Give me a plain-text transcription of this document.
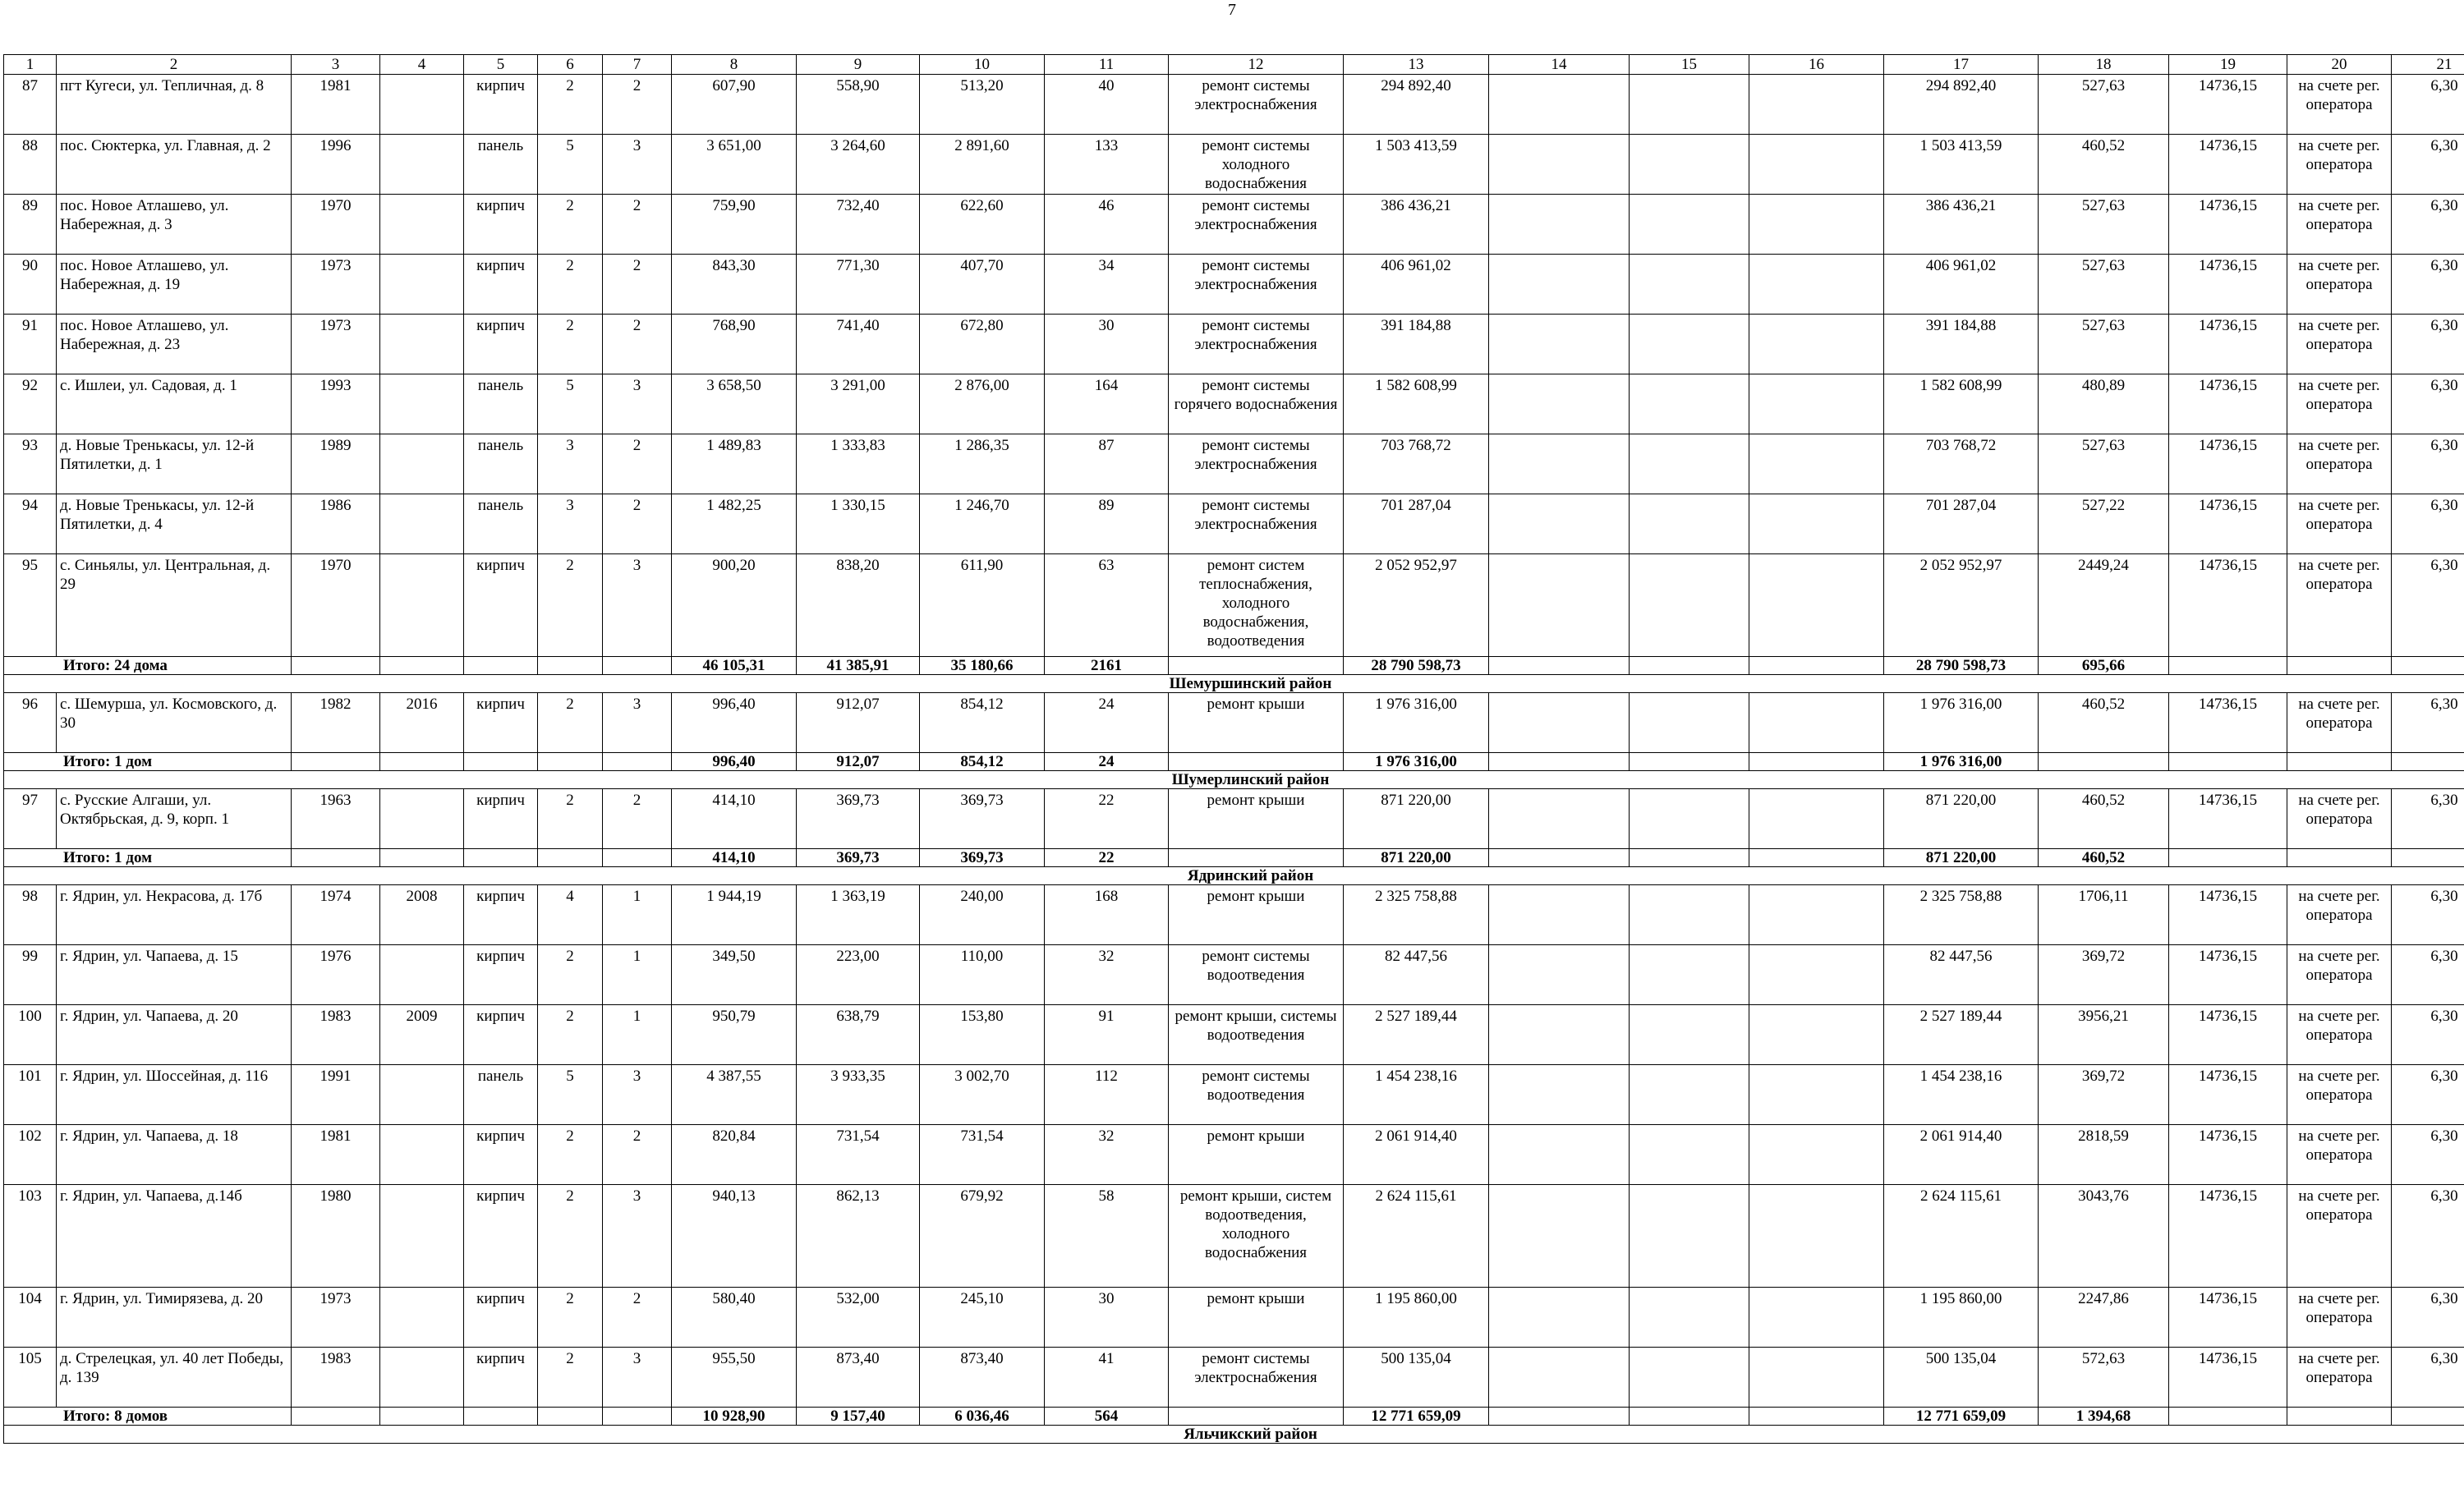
7
1	2	3	4	5	6	7	8	9	10	11	12	13	14	15	16	17	18	19	20	21
87	пгт Кугеси, ул. Тепличная, д. 8	1981		кирпич	2	2	607,90	558,90	513,20	40	ремонт системы электроснабжения	294 892,40				294 892,40	527,63	14736,15	на счете рег. оператора	6,30
88	пос. Сюктерка, ул. Главная, д. 2	1996		панель	5	3	3 651,00	3 264,60	2 891,60	133	ремонт системы холодного водоснабжения	1 503 413,59				1 503 413,59	460,52	14736,15	на счете рег. оператора	6,30
89	пос. Новое Атлашево, ул. Набережная, д. 3	1970		кирпич	2	2	759,90	732,40	622,60	46	ремонт системы электроснабжения	386 436,21				386 436,21	527,63	14736,15	на счете рег. оператора	6,30
90	пос. Новое Атлашево, ул. Набережная, д. 19	1973		кирпич	2	2	843,30	771,30	407,70	34	ремонт системы электроснабжения	406 961,02				406 961,02	527,63	14736,15	на счете рег. оператора	6,30
91	пос. Новое Атлашево, ул. Набережная, д. 23	1973		кирпич	2	2	768,90	741,40	672,80	30	ремонт системы электроснабжения	391 184,88				391 184,88	527,63	14736,15	на счете рег. оператора	6,30
92	с. Ишлеи, ул. Садовая, д. 1	1993		панель	5	3	3 658,50	3 291,00	2 876,00	164	ремонт системы горячего водоснабжения	1 582 608,99				1 582 608,99	480,89	14736,15	на счете рег. оператора	6,30
93	д. Новые Тренькасы, ул. 12-й Пятилетки, д. 1	1989		панель	3	2	1 489,83	1 333,83	1 286,35	87	ремонт системы электроснабжения	703 768,72				703 768,72	527,63	14736,15	на счете рег. оператора	6,30
94	д. Новые Тренькасы, ул. 12-й Пятилетки, д. 4	1986		панель	3	2	1 482,25	1 330,15	1 246,70	89	ремонт системы электроснабжения	701 287,04				701 287,04	527,22	14736,15	на счете рег. оператора	6,30
95	с. Синьялы, ул. Центральная, д. 29	1970		кирпич	2	3	900,20	838,20	611,90	63	ремонт систем теплоснабжения, холодного водоснабжения, водоотведения	2 052 952,97				2 052 952,97	2449,24	14736,15	на счете рег. оператора	6,30
Итого: 24 дома							46 105,31	41 385,91	35 180,66	2161		28 790 598,73				28 790 598,73	695,66			
Шемуршинский район																				
96	с. Шемурша, ул. Космовского, д. 30	1982	2016	кирпич	2	3	996,40	912,07	854,12	24	ремонт крыши	1 976 316,00				1 976 316,00	460,52	14736,15	на счете рег. оператора	6,30
Итого: 1 дом							996,40	912,07	854,12	24		1 976 316,00				1 976 316,00				
Шумерлинский район																				
97	с. Русские Алгаши, ул. Октябрьская, д. 9, корп. 1	1963		кирпич	2	2	414,10	369,73	369,73	22	ремонт крыши	871 220,00				871 220,00	460,52	14736,15	на счете рег. оператора	6,30
Итого: 1 дом							414,10	369,73	369,73	22		871 220,00				871 220,00	460,52			
Ядринский район																				
98	г. Ядрин, ул. Некрасова, д. 17б	1974	2008	кирпич	4	1	1 944,19	1 363,19	240,00	168	ремонт крыши	2 325 758,88				2 325 758,88	1706,11	14736,15	на счете рег. оператора	6,30
99	г. Ядрин, ул. Чапаева, д. 15	1976		кирпич	2	1	349,50	223,00	110,00	32	ремонт системы водоотведения	82 447,56				82 447,56	369,72	14736,15	на счете рег. оператора	6,30
100	г. Ядрин, ул. Чапаева, д. 20	1983	2009	кирпич	2	1	950,79	638,79	153,80	91	ремонт крыши, системы водоотведения	2 527 189,44				2 527 189,44	3956,21	14736,15	на счете рег. оператора	6,30
101	г. Ядрин, ул. Шоссейная, д. 116	1991		панель	5	3	4 387,55	3 933,35	3 002,70	112	ремонт системы водоотведения	1 454 238,16				1 454 238,16	369,72	14736,15	на счете рег. оператора	6,30
102	г. Ядрин, ул. Чапаева, д. 18	1981		кирпич	2	2	820,84	731,54	731,54	32	ремонт крыши	2 061 914,40				2 061 914,40	2818,59	14736,15	на счете рег. оператора	6,30
103	г. Ядрин, ул. Чапаева, д.14б	1980		кирпич	2	3	940,13	862,13	679,92	58	ремонт крыши, систем водоотведения, холодного водоснабжения	2 624 115,61				2 624 115,61	3043,76	14736,15	на счете рег. оператора	6,30
104	г. Ядрин, ул. Тимирязева, д. 20	1973		кирпич	2	2	580,40	532,00	245,10	30	ремонт крыши	1 195 860,00				1 195 860,00	2247,86	14736,15	на счете рег. оператора	6,30
105	д. Стрелецкая, ул. 40 лет Победы, д. 139	1983		кирпич	2	3	955,50	873,40	873,40	41	ремонт системы электроснабжения	500 135,04				500 135,04	572,63	14736,15	на счете рег. оператора	6,30
Итого: 8 домов							10 928,90	9 157,40	6 036,46	564		12 771 659,09				12 771 659,09	1 394,68			
Яльчикский район																				
